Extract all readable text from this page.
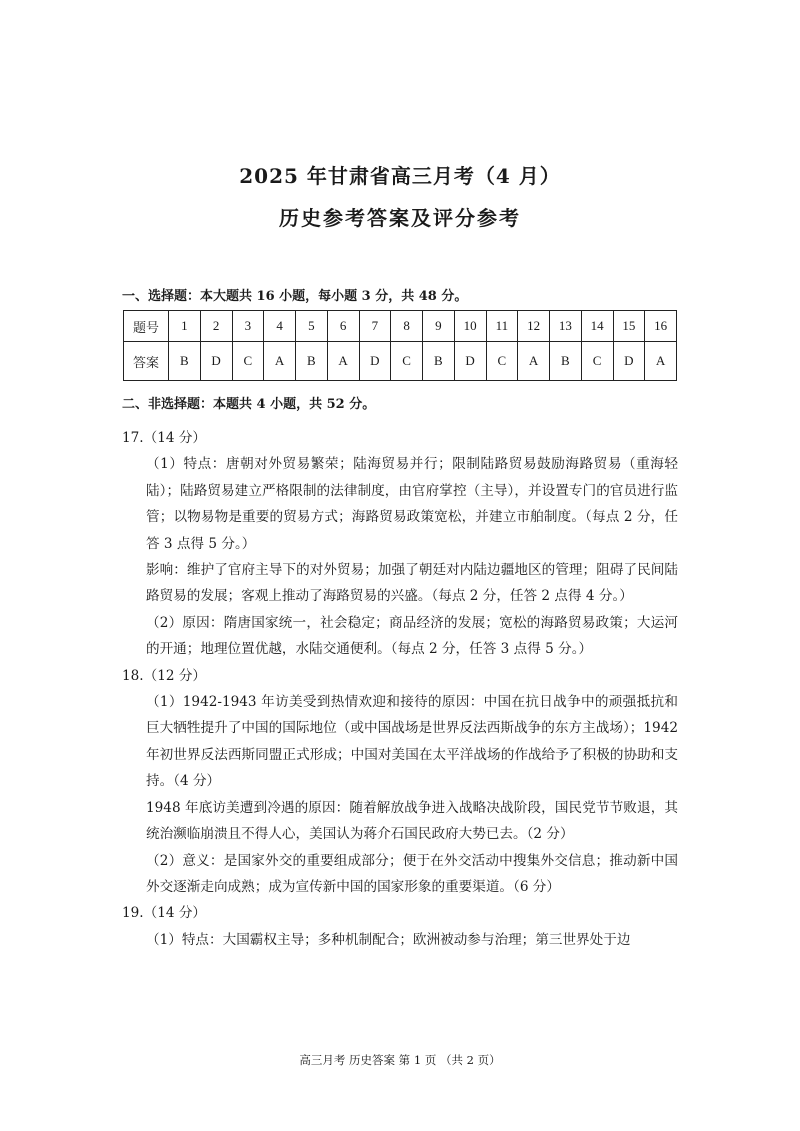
2025 年甘肃省高三月考（4 月）
历史参考答案及评分参考
一、选择题：本大题共 16 小题，每小题 3 分，共 48 分。
题号	1	2	3	4	5	6	7	8	9	10	11	12	13	14	15	16
答案	B	D	C	A	B	A	D	C	B	D	C	A	B	C	D	A
二、非选择题：本题共 4 小题，共 52 分。
17.（14 分）
（1）特点：唐朝对外贸易繁荣；陆海贸易并行；限制陆路贸易鼓励海路贸易（重海轻陆）；陆路贸易建立严格限制的法律制度，由官府掌控（主导），并设置专门的官员进行监管；以物易物是重要的贸易方式；海路贸易政策宽松，并建立市舶制度。（每点 2 分，任答 3 点得 5 分。）
影响：维护了官府主导下的对外贸易；加强了朝廷对内陆边疆地区的管理；阻碍了民间陆路贸易的发展；客观上推动了海路贸易的兴盛。（每点 2 分，任答 2 点得 4 分。）
（2）原因：隋唐国家统一，社会稳定；商品经济的发展；宽松的海路贸易政策；大运河的开通；地理位置优越，水陆交通便利。（每点 2 分，任答 3 点得 5 分。）
18.（12 分）
（1）1942-1943 年访美受到热情欢迎和接待的原因：中国在抗日战争中的顽强抵抗和巨大牺牲提升了中国的国际地位（或中国战场是世界反法西斯战争的东方主战场）；1942 年初世界反法西斯同盟正式形成；中国对美国在太平洋战场的作战给予了积极的协助和支持。（4 分）
1948 年底访美遭到冷遇的原因：随着解放战争进入战略决战阶段，国民党节节败退，其统治濒临崩溃且不得人心，美国认为蒋介石国民政府大势已去。（2 分）
（2）意义：是国家外交的重要组成部分；便于在外交活动中搜集外交信息；推动新中国外交逐渐走向成熟；成为宣传新中国的国家形象的重要渠道。（6 分）
19.（14 分）
（1）特点：大国霸权主导；多种机制配合；欧洲被动参与治理；第三世界处于边
高三月考 历史答案 第 1 页 （共 2 页）
